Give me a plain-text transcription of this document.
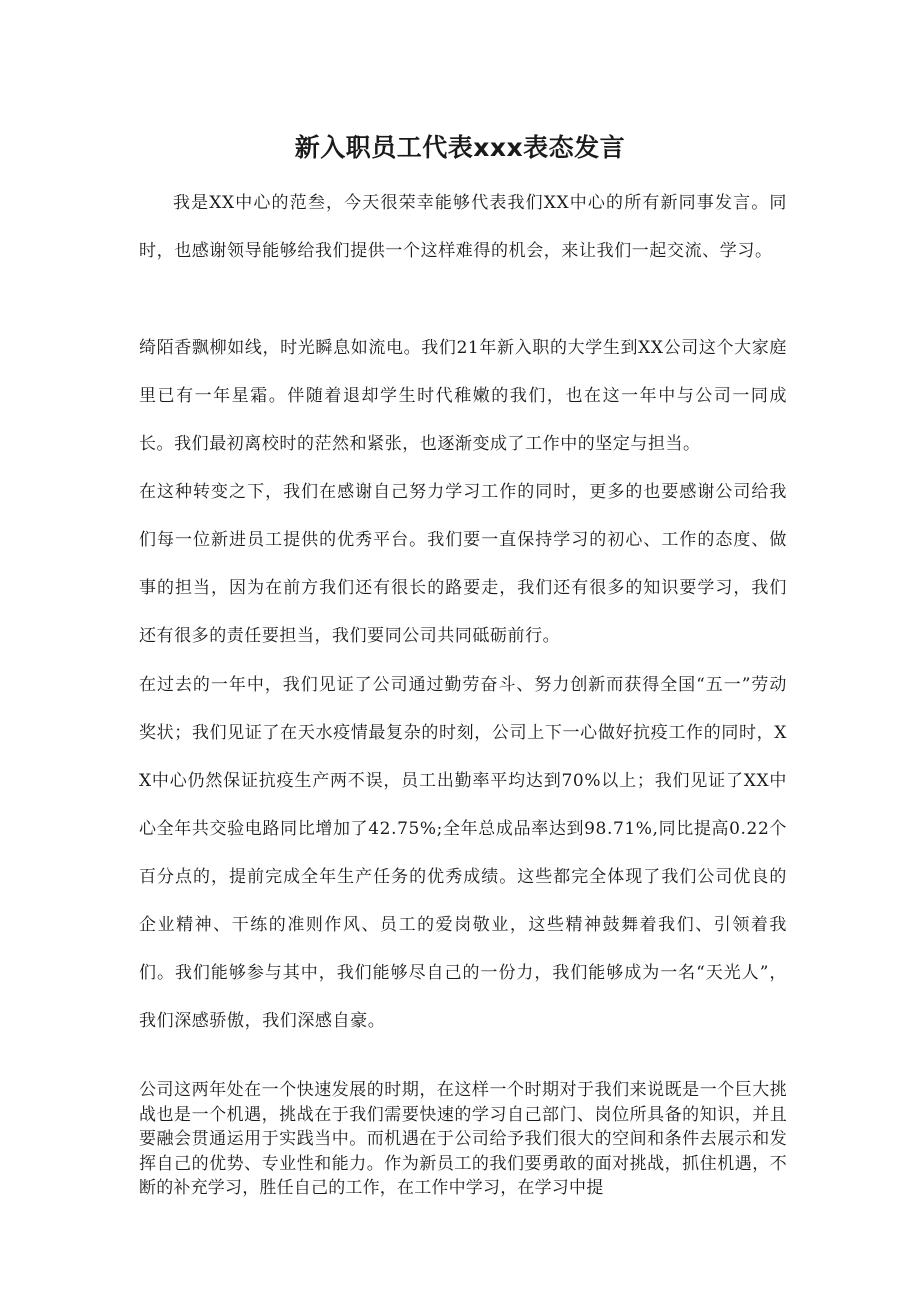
新入职员工代表xxx表态发言

我是XX中心的范叁，今天很荣幸能够代表我们XX中心的所有新同事发言。同时，也感谢领导能够给我们提供一个这样难得的机会，来让我们一起交流、学习。

绮陌香飘柳如线，时光瞬息如流电。我们21年新入职的大学生到XX公司这个大家庭里已有一年星霜。伴随着退却学生时代稚嫩的我们，也在这一年中与公司一同成长。我们最初离校时的茫然和紧张，也逐渐变成了工作中的坚定与担当。

在这种转变之下，我们在感谢自己努力学习工作的同时，更多的也要感谢公司给我们每一位新进员工提供的优秀平台。我们要一直保持学习的初心、工作的态度、做事的担当，因为在前方我们还有很长的路要走，我们还有很多的知识要学习，我们还有很多的责任要担当，我们要同公司共同砥砺前行。

在过去的一年中，我们见证了公司通过勤劳奋斗、努力创新而获得全国“五一”劳动奖状；我们见证了在天水疫情最复杂的时刻，公司上下一心做好抗疫工作的同时，XX中心仍然保证抗疫生产两不误，员工出勤率平均达到70%以上；我们见证了XX中心全年共交验电路同比增加了42.75%;全年总成品率达到98.71%,同比提高0.22个百分点的，提前完成全年生产任务的优秀成绩。这些都完全体现了我们公司优良的企业精神、干练的准则作风、员工的爱岗敬业，这些精神鼓舞着我们、引领着我们。我们能够参与其中，我们能够尽自己的一份力，我们能够成为一名“天光人”，我们深感骄傲，我们深感自豪。

公司这两年处在一个快速发展的时期，在这样一个时期对于我们来说既是一个巨大挑战也是一个机遇，挑战在于我们需要快速的学习自己部门、岗位所具备的知识，并且要融会贯通运用于实践当中。而机遇在于公司给予我们很大的空间和条件去展示和发挥自己的优势、专业性和能力。作为新员工的我们要勇敢的面对挑战，抓住机遇，不断的补充学习，胜任自己的工作，在工作中学习，在学习中提
